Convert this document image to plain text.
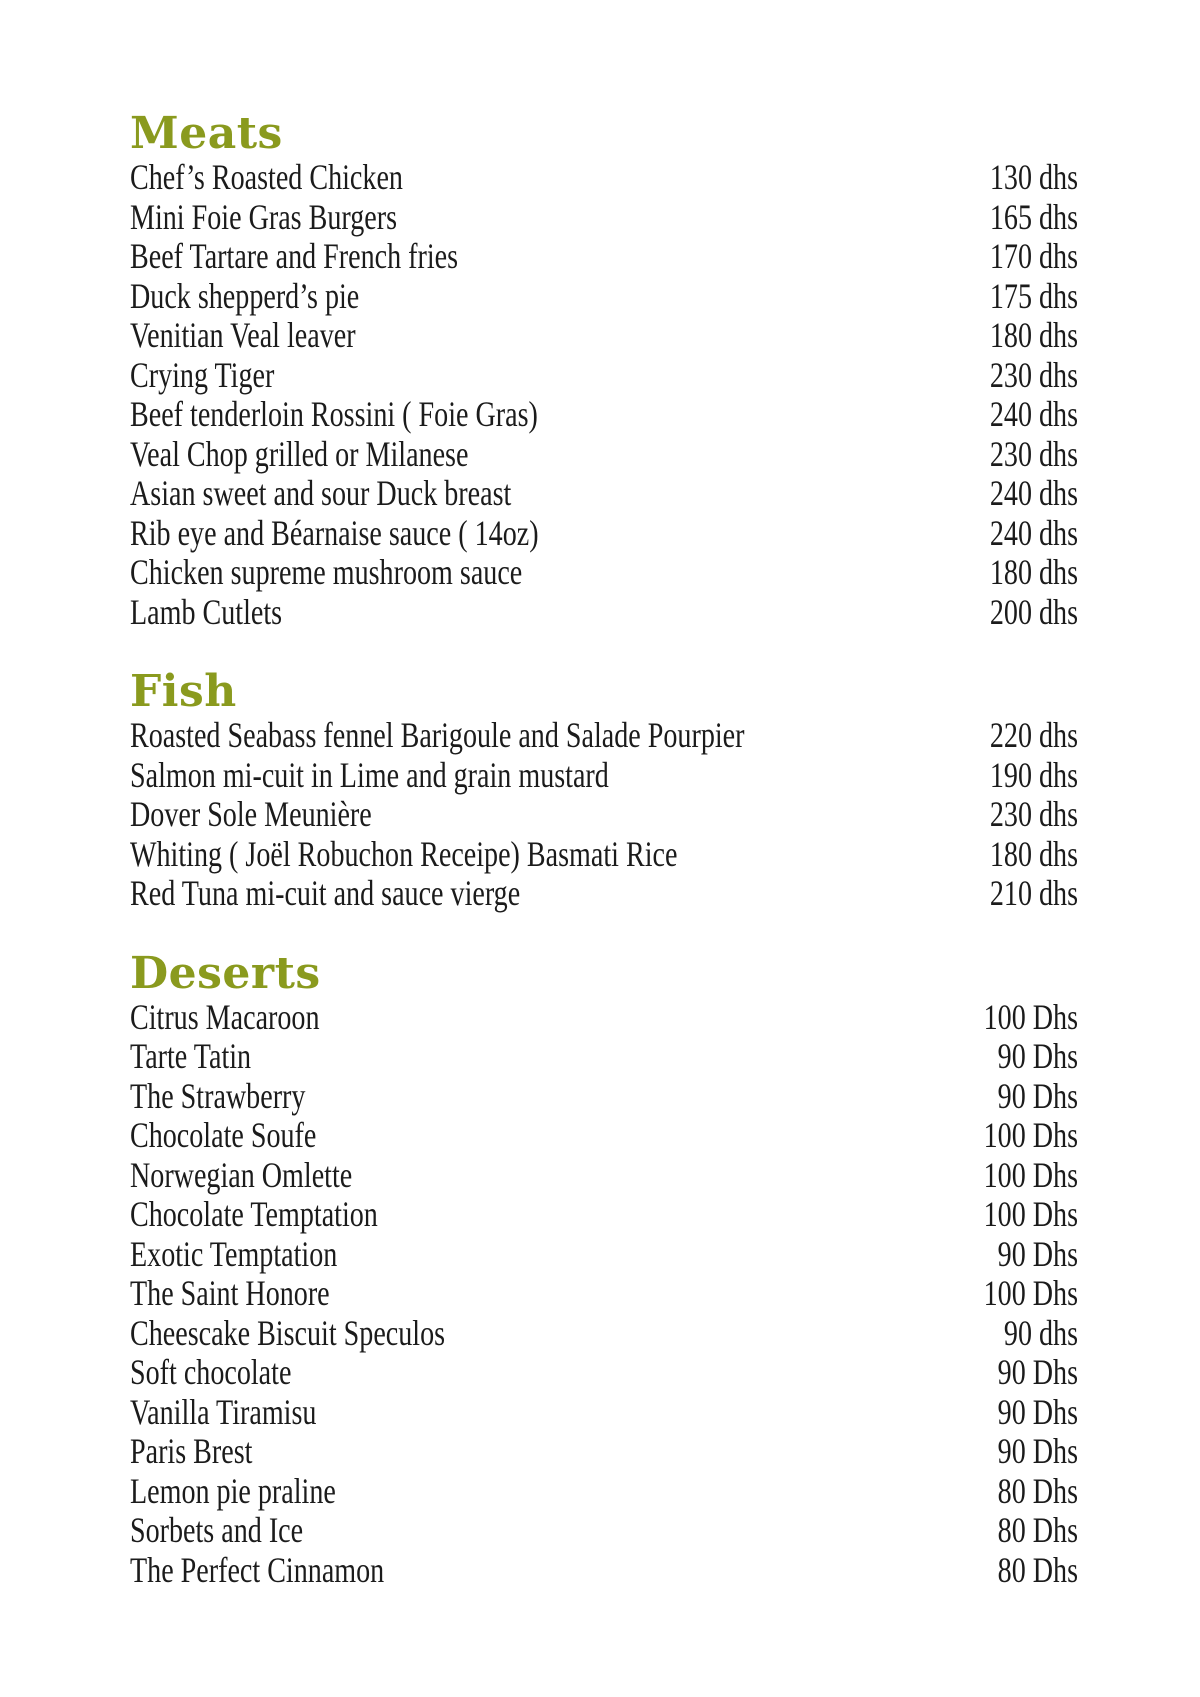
Meats
Chef’s Roasted Chicken	130 dhs
Mini Foie Gras Burgers	165 dhs
Beef Tartare and French fries	170 dhs
Duck shepperd’s pie	175 dhs
Venitian Veal leaver	180 dhs
Crying Tiger	230 dhs
Beef tenderloin Rossini ( Foie Gras)	240 dhs
Veal Chop grilled or Milanese	230 dhs
Asian sweet and sour Duck breast	240 dhs
Rib eye and Béarnaise sauce ( 14oz)	240 dhs
Chicken supreme mushroom sauce	180 dhs
Lamb Cutlets	200 dhs
Fish
Roasted Seabass fennel Barigoule and Salade Pourpier	220 dhs
Salmon mi-cuit in Lime and grain mustard	190 dhs
Dover Sole Meunière	230 dhs
Whiting ( Joël Robuchon Receipe) Basmati Rice	180 dhs
Red Tuna mi-cuit and sauce vierge	210 dhs
Deserts
Citrus Macaroon	100 Dhs
Tarte Tatin	90 Dhs
The Strawberry	90 Dhs
Chocolate Soufe	100 Dhs
Norwegian Omlette	100 Dhs
Chocolate Temptation	100 Dhs
Exotic Temptation	90 Dhs
The Saint Honore	100 Dhs
Cheescake Biscuit Speculos	90 dhs
Soft chocolate	90 Dhs
Vanilla Tiramisu	90 Dhs
Paris Brest	90 Dhs
Lemon pie praline	80 Dhs
Sorbets and Ice	80 Dhs
The Perfect Cinnamon	80 Dhs
